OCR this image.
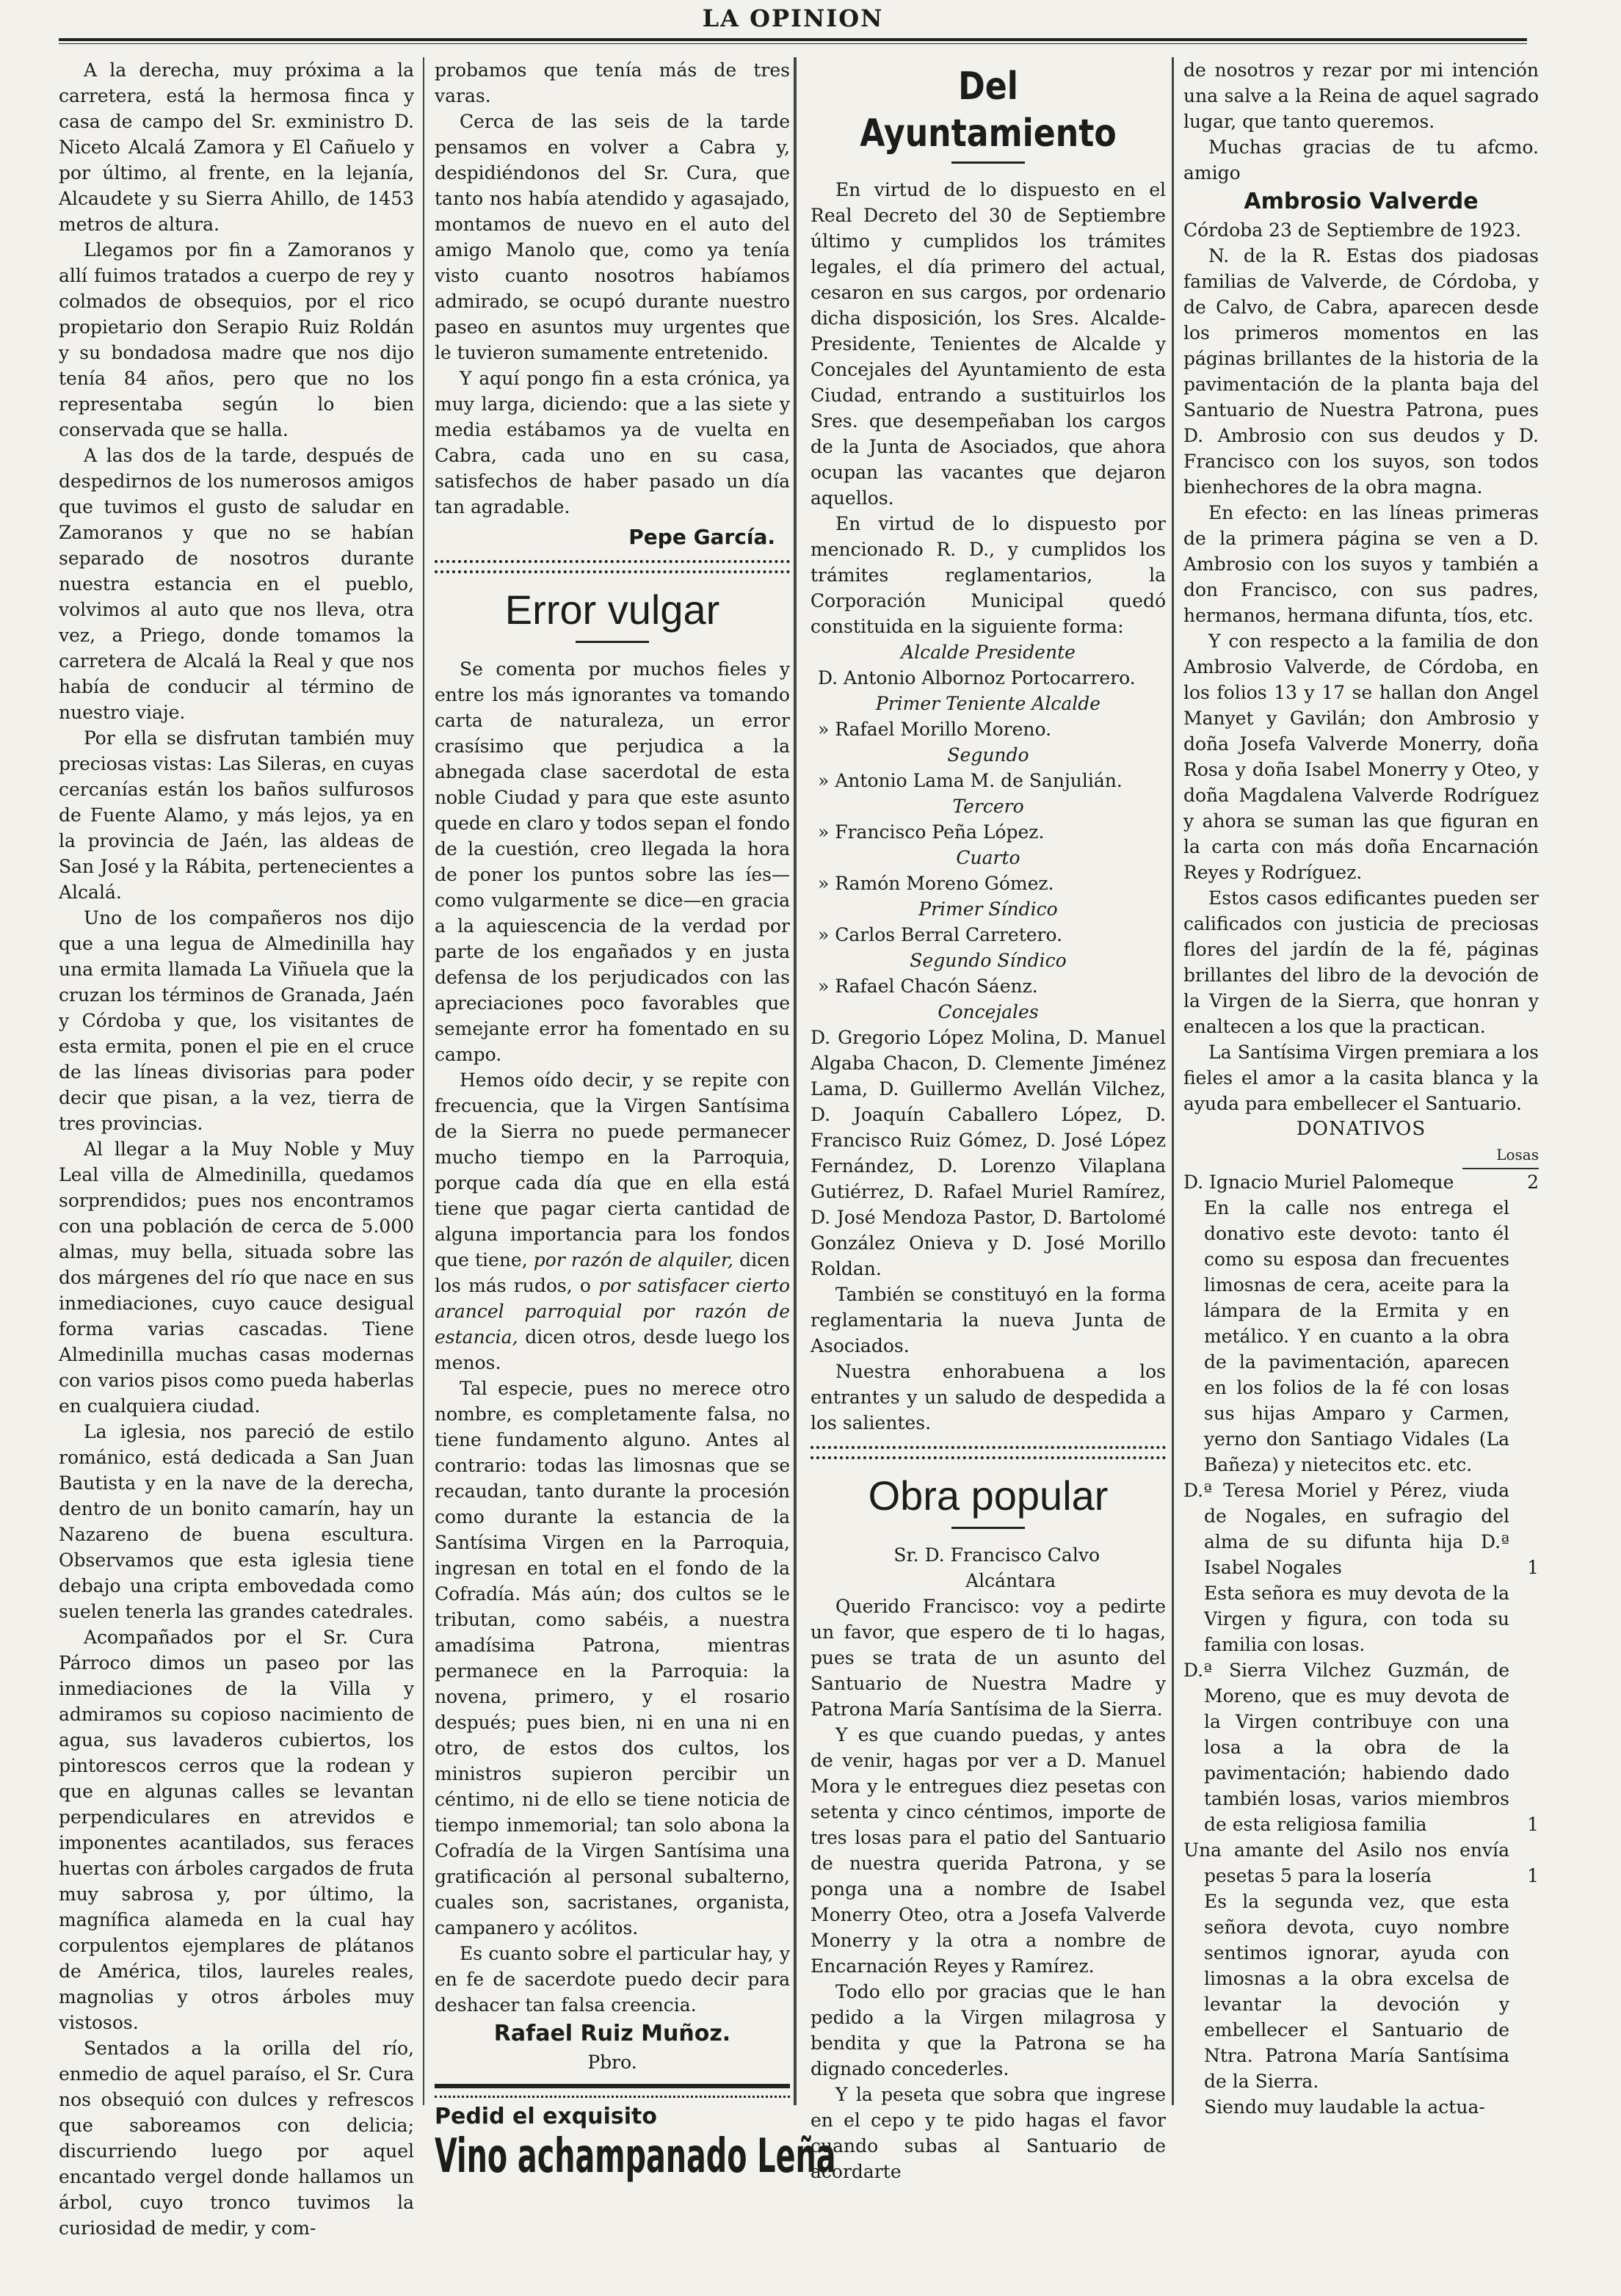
LA OPINION

A la derecha, muy próxima a la carretera, está la hermosa finca y casa de campo del Sr. exministro D. Niceto Alcalá Zamora y El Cañuelo y por último, al frente, en la lejanía, Alcaudete y su Sierra Ahillo, de 1453 metros de altura.

Llegamos por fin a Zamoranos y allí fuimos tratados a cuerpo de rey y colmados de obsequios, por el rico propietario don Serapio Ruiz Roldán y su bondadosa madre que nos dijo tenía 84 años, pero que no los representaba según lo bien conservada que se halla.

A las dos de la tarde, después de despedirnos de los numerosos amigos que tuvimos el gusto de saludar en Zamoranos y que no se habían separado de nosotros durante nuestra estancia en el pueblo, volvimos al auto que nos lleva, otra vez, a Priego, donde tomamos la carretera de Alcalá la Real y que nos había de conducir al término de nuestro viaje.

Por ella se disfrutan también muy preciosas vistas: Las Sileras, en cuyas cercanías están los baños sulfurosos de Fuente Alamo, y más lejos, ya en la provincia de Jaén, las aldeas de San José y la Rábita, pertenecientes a Alcalá.

Uno de los compañeros nos dijo que a una legua de Almedinilla hay una ermita llamada La Viñuela que la cruzan los términos de Granada, Jaén y Córdoba y que, los visitantes de esta ermita, ponen el pie en el cruce de las líneas divisorias para poder decir que pisan, a la vez, tierra de tres provincias.

Al llegar a la Muy Noble y Muy Leal villa de Almedinilla, quedamos sorprendidos; pues nos encontramos con una población de cerca de 5.000 almas, muy bella, situada sobre las dos márgenes del río que nace en sus inmediaciones, cuyo cauce desigual forma varias cascadas. Tiene Almedinilla muchas casas modernas con varios pisos como pueda haberlas en cualquiera ciudad.

La iglesia, nos pareció de estilo románico, está dedicada a San Juan Bautista y en la nave de la derecha, dentro de un bonito camarín, hay un Nazareno de buena escultura. Observamos que esta iglesia tiene debajo una cripta embovedada como suelen tenerla las grandes catedrales.

Acompañados por el Sr. Cura Párroco dimos un paseo por las inmediaciones de la Villa y admiramos su copioso nacimiento de agua, sus lavaderos cubiertos, los pintorescos cerros que la rodean y que en algunas calles se levantan perpendiculares en atrevidos e imponentes acantilados, sus feraces huertas con árboles cargados de fruta muy sabrosa y, por último, la magnífica alameda en la cual hay corpulentos ejemplares de plátanos de América, tilos, laureles reales, magnolias y otros árboles muy vistosos.

Sentados a la orilla del río, enmedio de aquel paraíso, el Sr. Cura nos obsequió con dulces y refrescos que saboreamos con delicia; discurriendo luego por aquel encantado vergel donde hallamos un árbol, cuyo tronco tuvimos la curiosidad de medir, y com-

probamos que tenía más de tres varas.

Cerca de las seis de la tarde pensamos en volver a Cabra y, despidiéndonos del Sr. Cura, que tanto nos había atendido y agasajado, montamos de nuevo en el auto del amigo Manolo que, como ya tenía visto cuanto nosotros habíamos admirado, se ocupó durante nuestro paseo en asuntos muy urgentes que le tuvieron sumamente entretenido.

Y aquí pongo fin a esta crónica, ya muy larga, diciendo: que a las siete y media estábamos ya de vuelta en Cabra, cada uno en su casa, satisfechos de haber pasado un día tan agradable.

Pepe García.
Error vulgar

Se comenta por muchos fieles y entre los más ignorantes va tomando carta de naturaleza, un error crasísimo que perjudica a la abnegada clase sacerdotal de esta noble Ciudad y para que este asunto quede en claro y todos sepan el fondo de la cuestión, creo llegada la hora de poner los puntos sobre las íes—como vulgarmente se dice—en gracia a la aquiescencia de la verdad por parte de los engañados y en justa defensa de los perjudicados con las apreciaciones poco favorables que semejante error ha fomentado en su campo.

Hemos oído decir, y se repite con frecuencia, que la Virgen Santísima de la Sierra no puede permanecer mucho tiempo en la Parroquia, porque cada día que en ella está tiene que pagar cierta cantidad de alguna importancia para los fondos que tiene, por razón de alquiler, dicen los más rudos, o por satisfacer cierto arancel parroquial por razón de estancia, dicen otros, desde luego los menos.

Tal especie, pues no merece otro nombre, es completamente falsa, no tiene fundamento alguno. Antes al contrario: todas las limosnas que se recaudan, tanto durante la procesión como durante la estancia de la Santísima Virgen en la Parroquia, ingresan en total en el fondo de la Cofradía. Más aún; dos cultos se le tributan, como sabéis, a nuestra amadísima Patrona, mientras permanece en la Parroquia: la novena, primero, y el rosario después; pues bien, ni en una ni en otro, de estos dos cultos, los ministros supieron percibir un céntimo, ni de ello se tiene noticia de tiempo inmemorial; tan solo abona la Cofradía de la Virgen Santísima una gratificación al personal subalterno, cuales son, sacristanes, organista, campanero y acólitos.

Es cuanto sobre el particular hay, y en fe de sacerdote puedo decir para deshacer tan falsa creencia.

Rafael Ruiz Muñoz.
Pbro.
Pedid el exquisito
Vino achampanado Leña
Del Ayuntamiento

En virtud de lo dispuesto en el Real Decreto del 30 de Septiembre último y cumplidos los trámites legales, el día primero del actual, cesaron en sus cargos, por ordenario dicha disposición, los Sres. Alcalde-Presidente, Tenientes de Alcalde y Concejales del Ayuntamiento de esta Ciudad, entrando a sustituirlos los Sres. que desempeñaban los cargos de la Junta de Asociados, que ahora ocupan las vacantes que dejaron aquellos.

En virtud de lo dispuesto por mencionado R. D., y cumplidos los trámites reglamentarios, la Corporación Municipal quedó constituida en la siguiente forma:

Alcalde Presidente

D. Antonio Albornoz Portocarrero.

Primer Teniente Alcalde

» Rafael Morillo Moreno.

Segundo

» Antonio Lama M. de Sanjulián.

Tercero

» Francisco Peña López.

Cuarto

» Ramón Moreno Gómez.

Primer Síndico

» Carlos Berral Carretero.

Segundo Síndico

» Rafael Chacón Sáenz.

Concejales

D. Gregorio López Molina, D. Manuel Algaba Chacon, D. Clemente Jiménez Lama, D. Guillermo Avellán Vilchez, D. Joaquín Caballero López, D. Francisco Ruiz Gómez, D. José López Fernández, D. Lorenzo Vilaplana Gutiérrez, D. Rafael Muriel Ramírez, D. José Mendoza Pastor, D. Bartolomé González Onieva y D. José Morillo Roldan.

También se constituyó en la forma reglamentaria la nueva Junta de Asociados.

Nuestra enhorabuena a los entrantes y un saludo de despedida a los salientes.

Obra popular
Sr. D. Francisco Calvo
Alcántara

Querido Francisco: voy a pedirte un favor, que espero de ti lo hagas, pues se trata de un asunto del Santuario de Nuestra Madre y Patrona María Santísima de la Sierra.

Y es que cuando puedas, y antes de venir, hagas por ver a D. Manuel Mora y le entregues diez pesetas con setenta y cinco céntimos, importe de tres losas para el patio del Santuario de nuestra querida Patrona, y se ponga una a nombre de Isabel Monerry Oteo, otra a Josefa Valverde Monerry y la otra a nombre de Encarnación Reyes y Ramírez.

Todo ello por gracias que le han pedido a la Virgen milagrosa y bendita y que la Patrona se ha dignado concederles.

Y la peseta que sobra que ingrese en el cepo y te pido hagas el favor cuando subas al Santuario de acordarte

de nosotros y rezar por mi intención una salve a la Reina de aquel sagrado lugar, que tanto queremos.

Muchas gracias de tu afcmo. amigo

Ambrosio Valverde

Córdoba 23 de Septiembre de 1923.

N. de la R. Estas dos piadosas familias de Valverde, de Córdoba, y de Calvo, de Cabra, aparecen desde los primeros momentos en las páginas brillantes de la historia de la pavimentación de la planta baja del Santuario de Nuestra Patrona, pues D. Ambrosio con sus deudos y D. Francisco con los suyos, son todos bienhechores de la obra magna.

En efecto: en las líneas primeras de la primera página se ven a D. Ambrosio con los suyos y también a don Francisco, con sus padres, hermanos, hermana difunta, tíos, etc.

Y con respecto a la familia de don Ambrosio Valverde, de Córdoba, en los folios 13 y 17 se hallan don Angel Manyet y Gavilán; don Ambrosio y doña Josefa Valverde Monerry, doña Rosa y doña Isabel Monerry y Oteo, y doña Magdalena Valverde Rodríguez y ahora se suman las que figuran en la carta con más doña Encarnación Reyes y Rodríguez.

Estos casos edificantes pueden ser calificados con justicia de preciosas flores del jardín de la fé, páginas brillantes del libro de la devoción de la Virgen de la Sierra, que honran y enaltecen a los que la practican.

La Santísima Virgen premiara a los fieles el amor a la casita blanca y la ayuda para embellecer el Santuario.

DONATIVOS

Losas

D. Ignacio Muriel Palomeque	2
En la calle nos entrega el donativo este devoto: tanto él como su esposa dan frecuentes limosnas de cera, aceite para la lámpara de la Ermita y en metálico. Y en cuanto a la obra de la pavimentación, aparecen en los folios de la fé con losas sus hijas Amparo y Carmen, yerno don Santiago Vidales (La Bañeza) y nietecitos etc. etc.
D.ª Teresa Moriel y Pérez, viuda de Nogales, en sufragio del alma de su difunta hija D.ª Isabel Nogales	1
Esta señora es muy devota de la Virgen y figura, con toda su familia con losas.
D.ª Sierra Vilchez Guzmán, de Moreno, que es muy devota de la Virgen contribuye con una losa a la obra de la pavimentación; habiendo dado también losas, varios miembros de esta religiosa familia	1
Una amante del Asilo nos envía pesetas 5 para la losería	1
Es la segunda vez, que esta señora devota, cuyo nombre sentimos ignorar, ayuda con limosnas a la obra excelsa de levantar la devoción y embellecer el Santuario de Ntra. Patrona María Santísima de la Sierra.
Siendo muy laudable la actua-
